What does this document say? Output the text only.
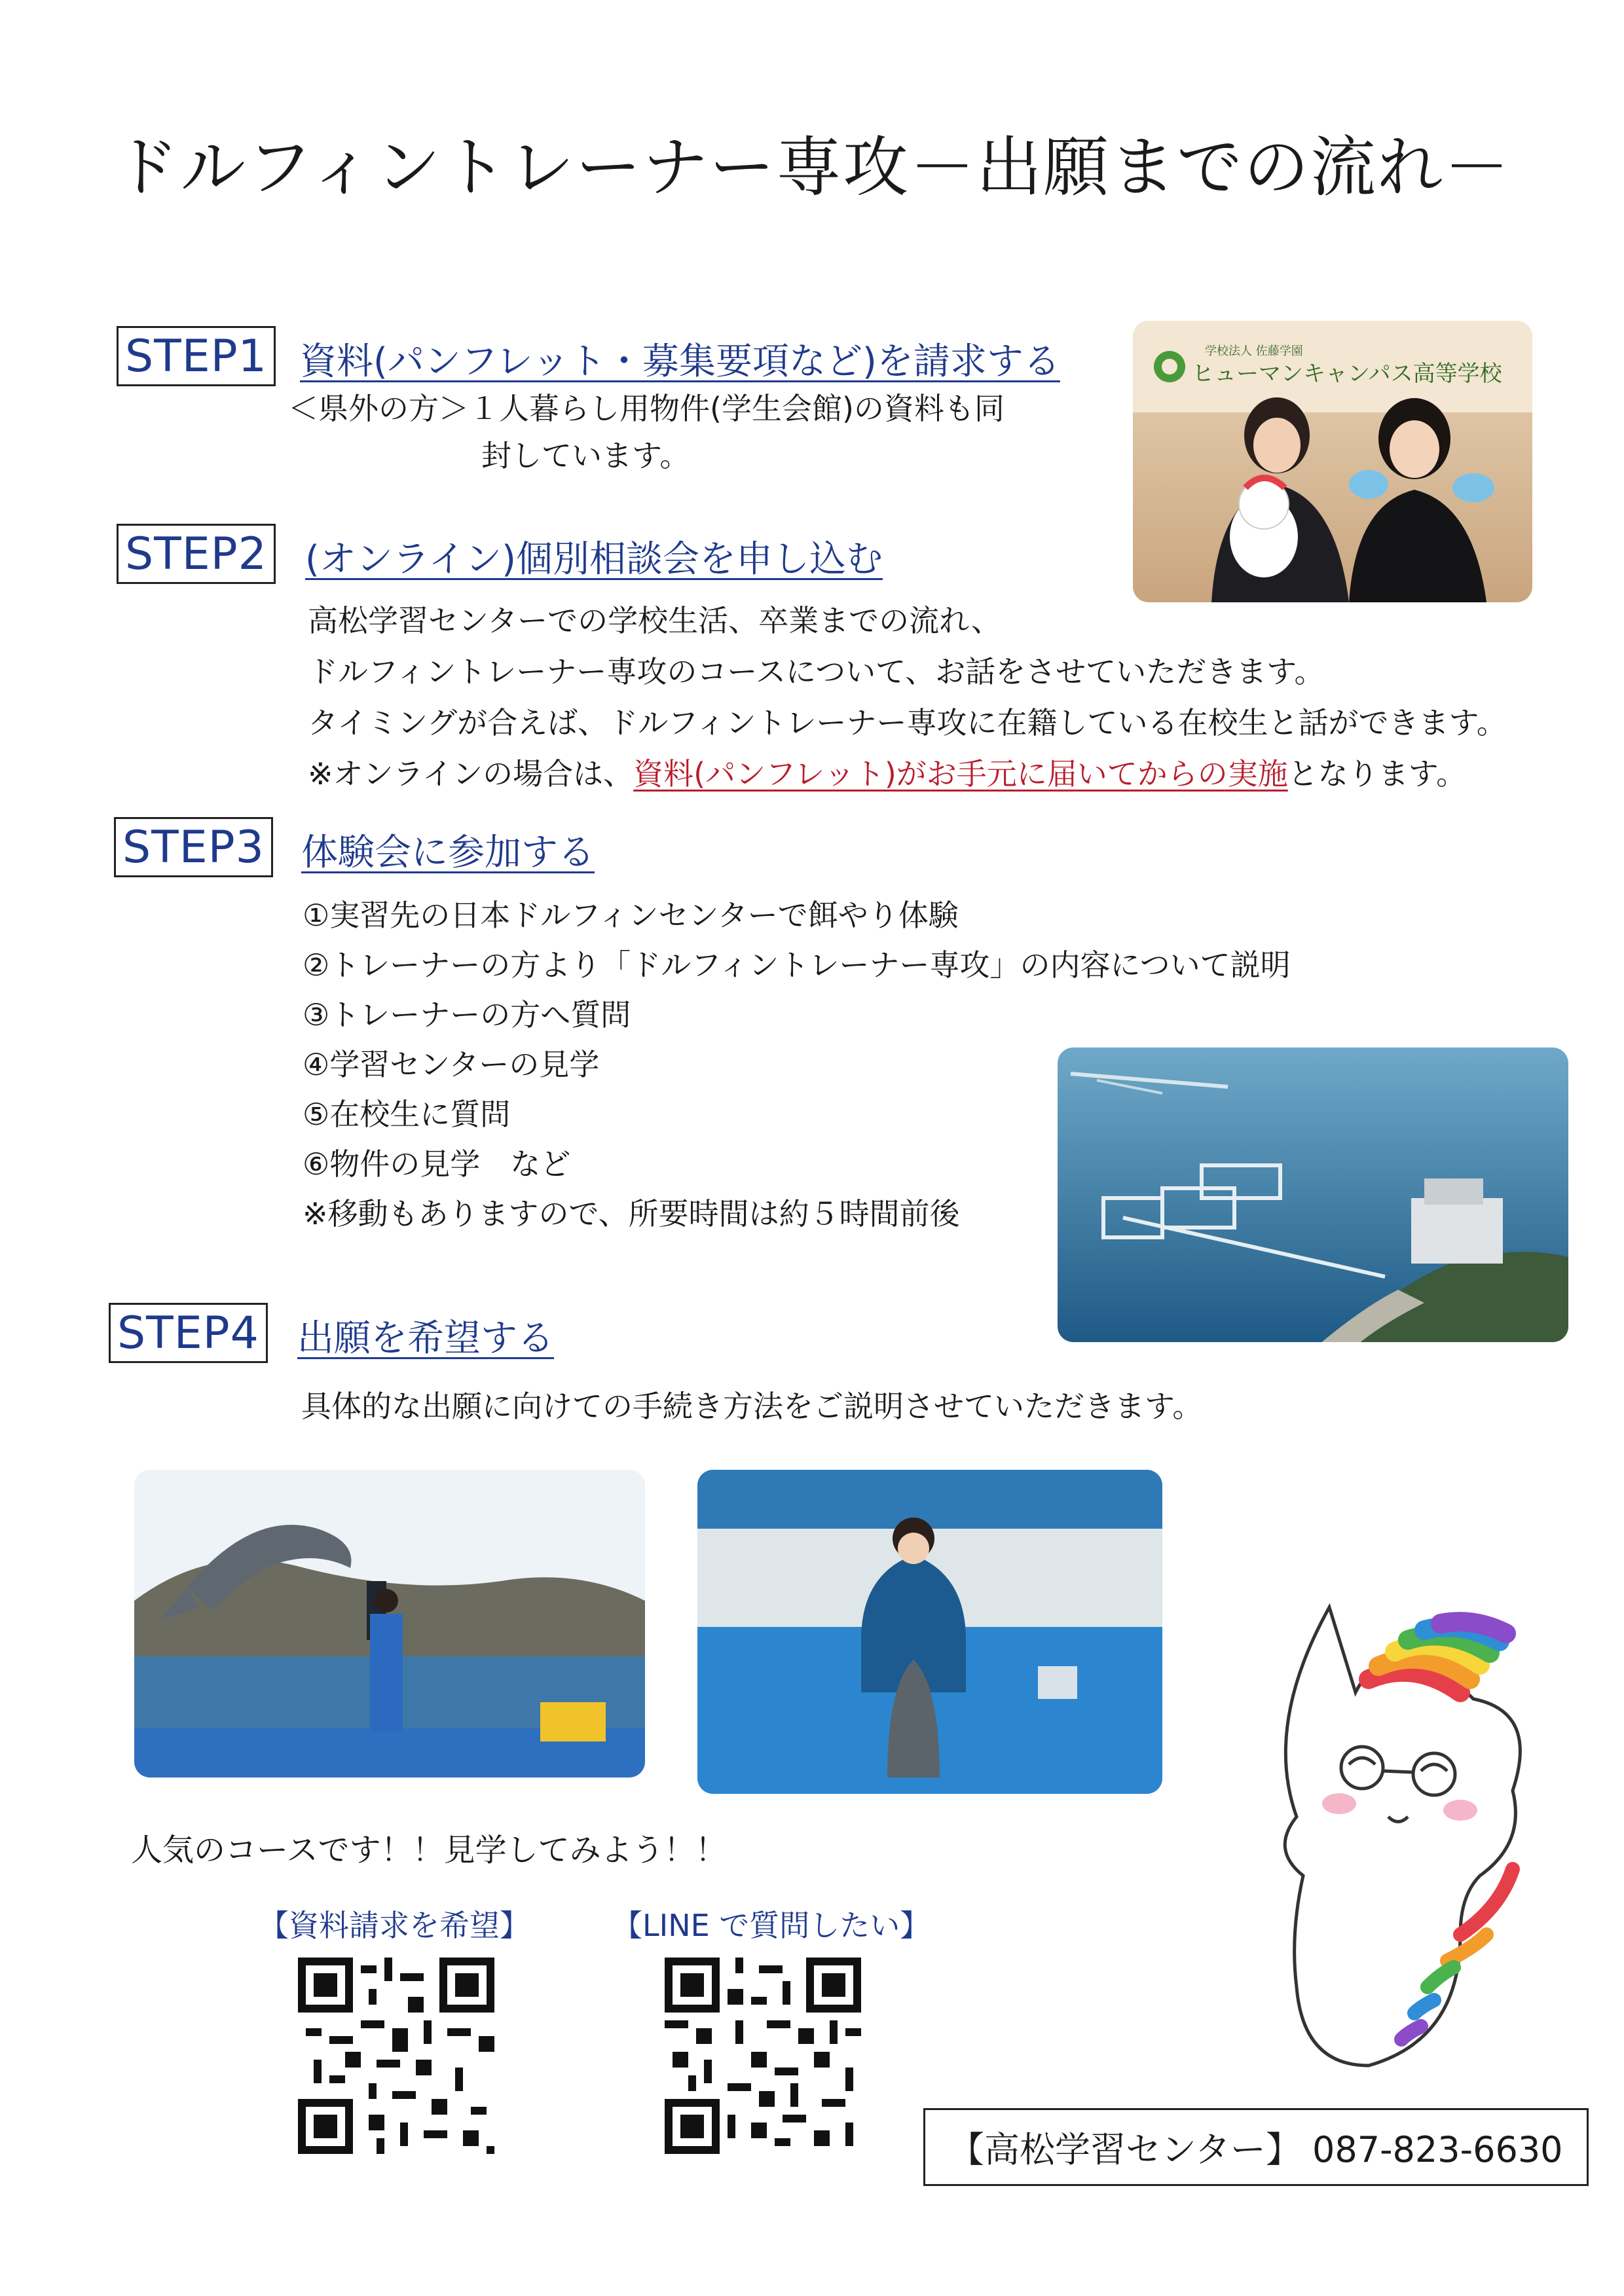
ドルフィントレーナー専攻－出願までの流れ－
STEP1 資料(パンフレット・募集要項など)を請求する
＜県外の方＞１人暮らし用物件(学生会館)の資料も同
封しています。
学校法人 佐藤学園
ヒューマンキャンパス高等学校
STEP2 (オンライン)個別相談会を申し込む
高松学習センターでの学校生活、卒業までの流れ、
ドルフィントレーナー専攻のコースについて、お話をさせていただきます。
タイミングが合えば、ドルフィントレーナー専攻に在籍している在校生と話ができます。
※オンラインの場合は、資料(パンフレット)がお手元に届いてからの実施となります。
STEP3 体験会に参加する
①実習先の日本ドルフィンセンターで餌やり体験
②トレーナーの方より「ドルフィントレーナー専攻」の内容について説明
③トレーナーの方へ質問
④学習センターの見学
⑤在校生に質問
⑥物件の見学　など
※移動もありますので、所要時間は約５時間前後
STEP4 出願を希望する
具体的な出願に向けての手続き方法をご説明させていただきます。
人気のコースです！！見学してみよう！！
【資料請求を希望】	【LINE で質問したい】
【高松学習センター】 087-823-6630
